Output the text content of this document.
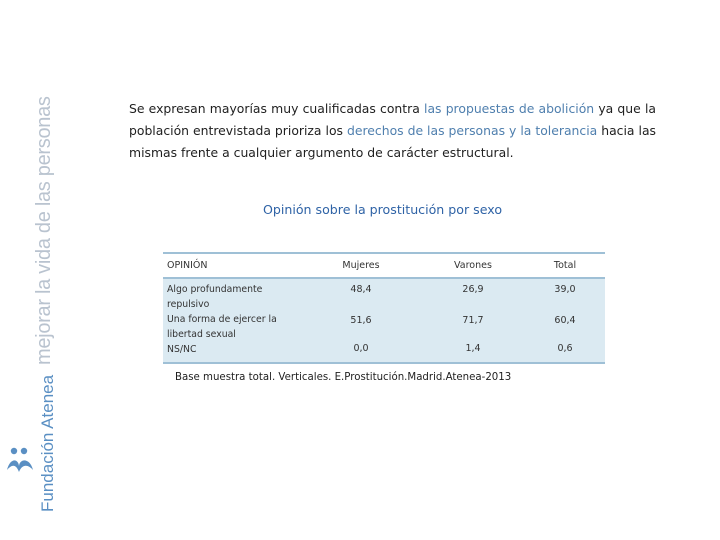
mejorar la vida de las personas
Fundación Atenea

Se expresan mayorías muy cualificadas contra las propuestas de abolición ya que la población entrevistada prioriza los derechos de las personas y la tolerancia hacia las mismas frente a cualquier argumento de carácter estructural.

Opinión sobre la prostitución por sexo
OPINIÓN	Mujeres	Varones	Total
Algo profundamente repulsivo	48,4	26,9	39,0
Una forma de ejercer la libertad sexual	51,6	71,7	60,4
NS/NC	0,0	1,4	0,6
Base muestra total. Verticales. E.Prostitución.Madrid.Atenea-2013
